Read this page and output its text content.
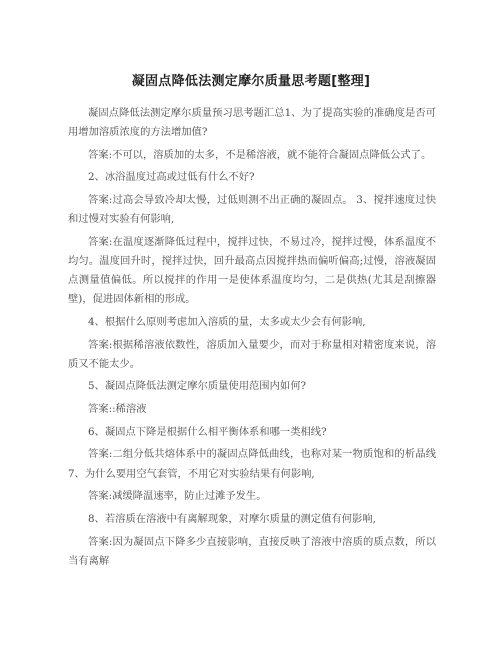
凝固点降低法测定摩尔质量思考题[整理]

凝固点降低法测定摩尔质量预习思考题汇总1、为了提高实验的准确度是否可用增加溶质浓度的方法增加值?

答案:不可以，溶质加的太多，不是稀溶液，就不能符合凝固点降低公式了。

2、冰浴温度过高或过低有什么不好?

答案:过高会导致冷却太慢，过低则测不出正确的凝固点。 3、搅拌速度过快和过慢对实验有何影响,

答案:在温度逐渐降低过程中，搅拌过快，不易过冷，搅拌过慢，体系温度不均匀。温度回升时，搅拌过快，回升最高点因搅拌热而偏听偏高;过慢，溶液凝固点测量值偏低。所以搅拌的作用一是使体系温度均匀，二是供热(尤其是刮擦器壁)，促进固体新相的形成。

4、根据什么原则考虑加入溶质的量，太多或太少会有何影响,

答案:根据稀溶液依数性，溶质加入量要少，而对于称量相对精密度来说，溶质又不能太少。

5、凝固点降低法测定摩尔质量使用范围内如何?

答案::稀溶液

6、凝固点下降是根据什么相平衡体系和哪一类相线?

答案:二组分低共熔体系中的凝固点降低曲线，也称对某一物质饱和的析晶线 7、为什么要用空气套管，不用它对实验结果有何影响,

答案:减缓降温速率，防止过滩予发生。

8、若溶质在溶液中有离解现象，对摩尔质量的测定值有何影响,

答案:因为凝固点下降多少直接影响，直接反映了溶液中溶质的质点数，所以当有离解
